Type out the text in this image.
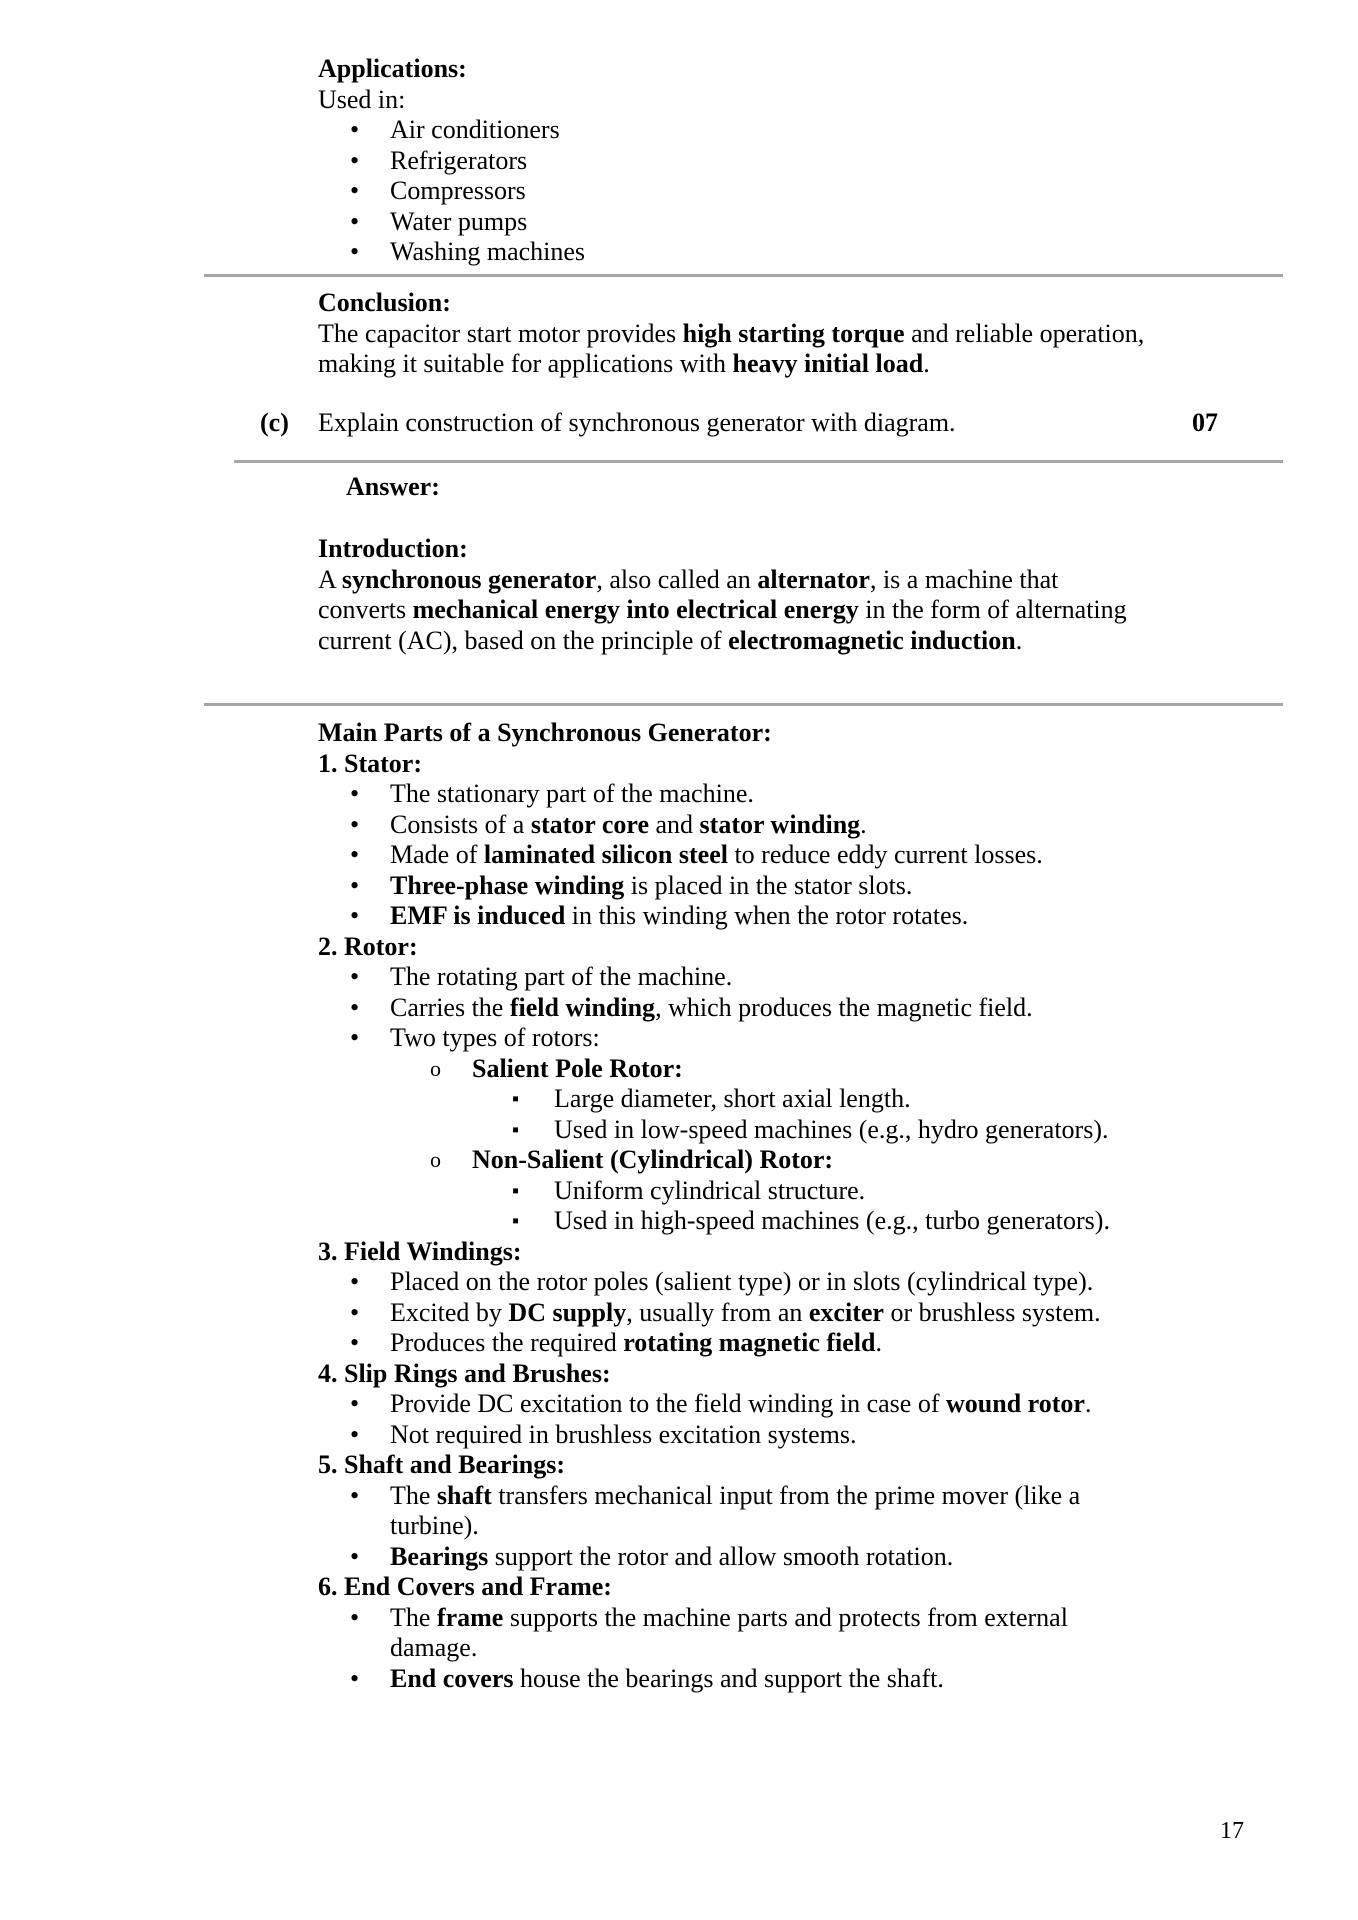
Applications:

Used in:

• Air conditioners
• Refrigerators
• Compressors
• Water pumps
• Washing machines
Conclusion:

The capacitor start motor provides high starting torque and reliable operation, making it suitable for applications with heavy initial load.

(c) Explain construction of synchronous generator with diagram.	07
Answer:
Introduction:

A synchronous generator, also called an alternator, is a machine that converts mechanical energy into electrical energy in the form of alternating current (AC), based on the principle of electromagnetic induction.

Main Parts of a Synchronous Generator:
1. Stator:
• The stationary part of the machine.
• Consists of a stator core and stator winding.
• Made of laminated silicon steel to reduce eddy current losses.
• Three-phase winding is placed in the stator slots.
• EMF is induced in this winding when the rotor rotates.
2. Rotor:
• The rotating part of the machine.
• Carries the field winding, which produces the magnetic field.
• Two types of rotors:
o Salient Pole Rotor:
▪ Large diameter, short axial length.
▪ Used in low-speed machines (e.g., hydro generators).
o Non-Salient (Cylindrical) Rotor:
▪ Uniform cylindrical structure.
▪ Used in high-speed machines (e.g., turbo generators).
3. Field Windings:
• Placed on the rotor poles (salient type) or in slots (cylindrical type).
• Excited by DC supply, usually from an exciter or brushless system.
• Produces the required rotating magnetic field.
4. Slip Rings and Brushes:
• Provide DC excitation to the field winding in case of wound rotor.
• Not required in brushless excitation systems.
5. Shaft and Bearings:
• The shaft transfers mechanical input from the prime mover (like a turbine).
• Bearings support the rotor and allow smooth rotation.
6. End Covers and Frame:
• The frame supports the machine parts and protects from external damage.
• End covers house the bearings and support the shaft.
17
